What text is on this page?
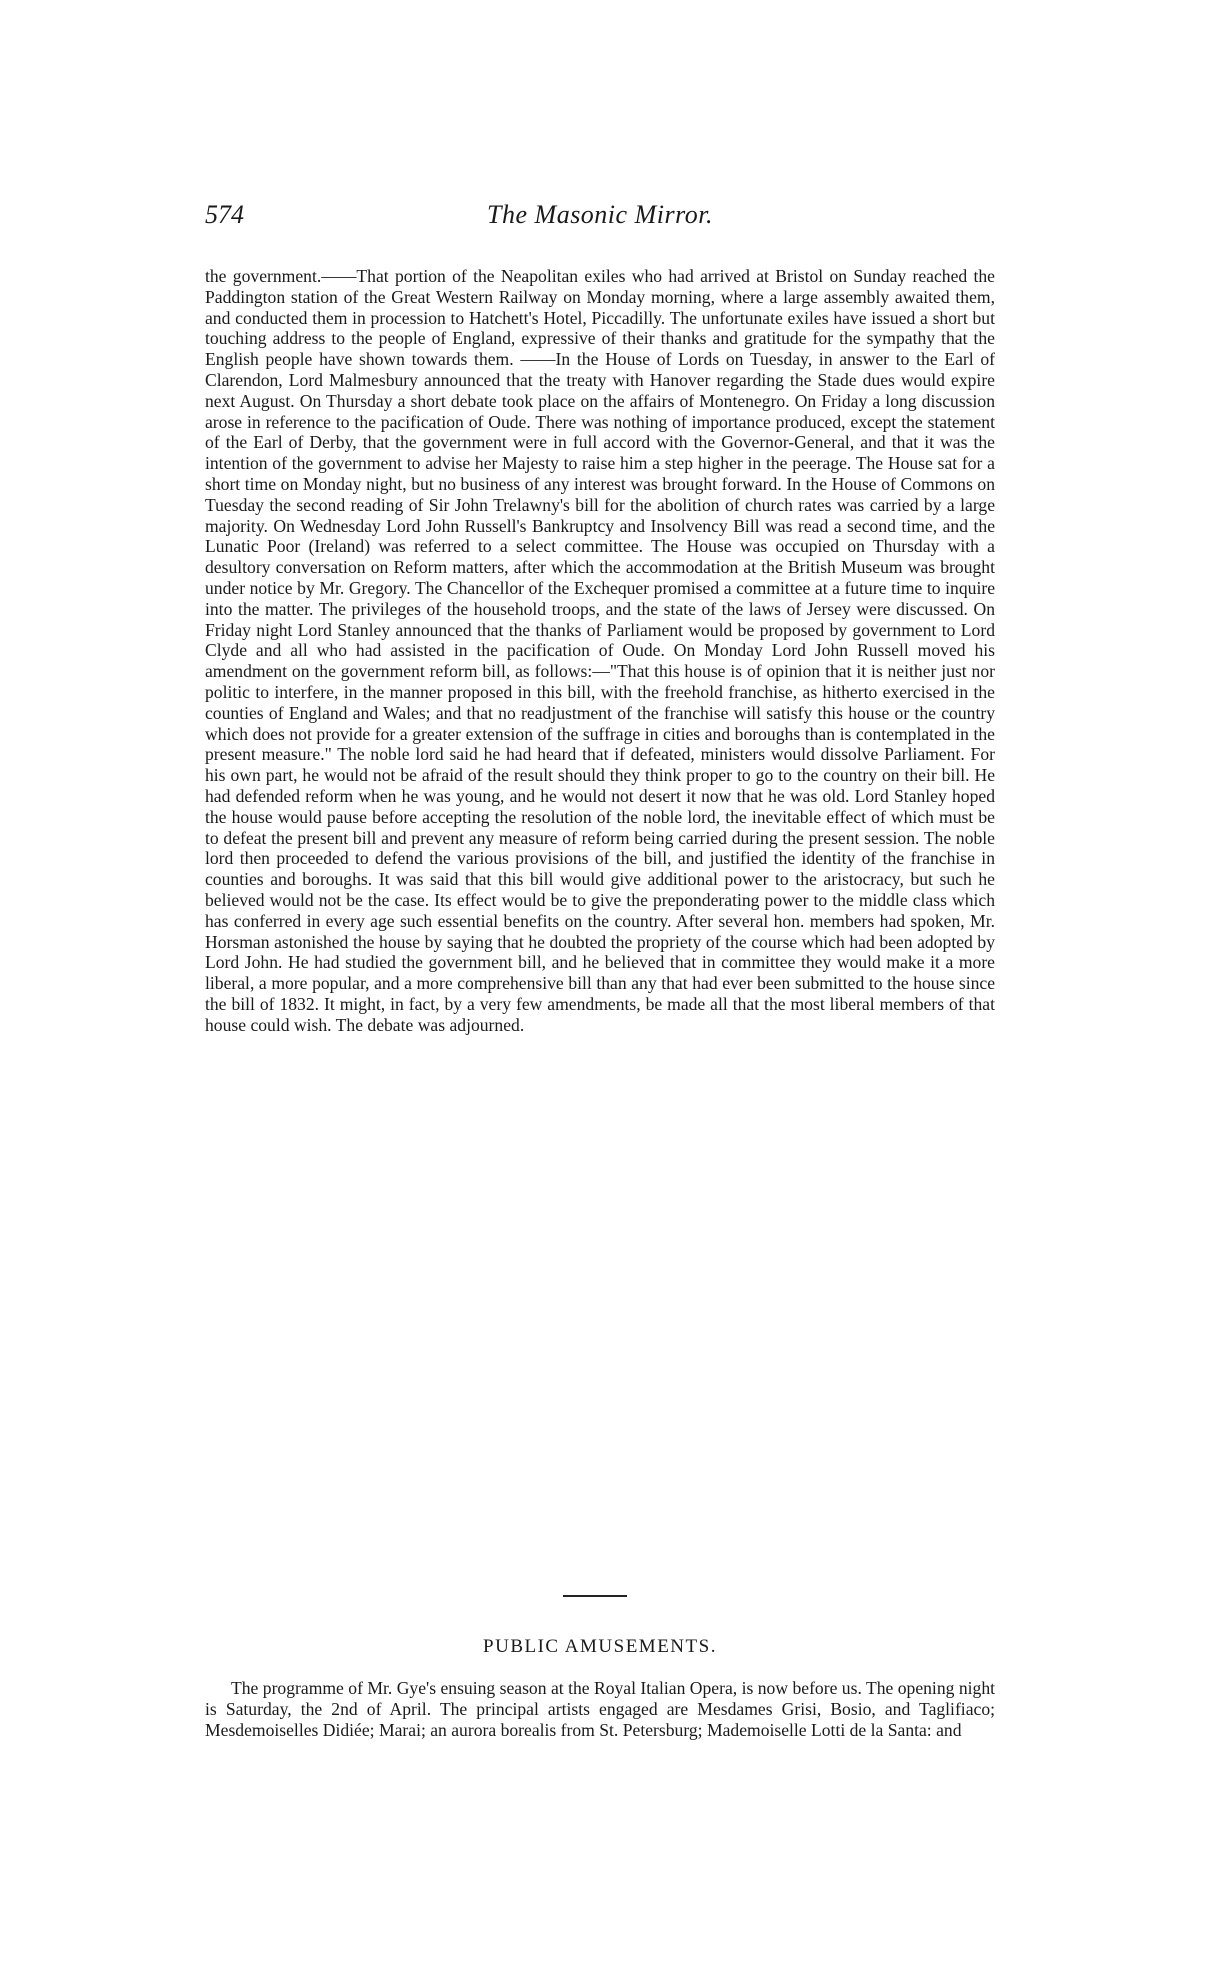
574	The Masonic Mirror.

the government.——That portion of the Neapolitan exiles who had arrived at Bristol on Sunday reached the Paddington station of the Great Western Railway on Monday morning, where a large assembly awaited them, and conducted them in procession to Hatchett's Hotel, Piccadilly. The unfortunate exiles have issued a short but touching address to the people of England, expressive of their thanks and gratitude for the sympathy that the English people have shown towards them. ——In the House of Lords on Tuesday, in answer to the Earl of Clarendon, Lord Malmesbury announced that the treaty with Hanover regarding the Stade dues would expire next August. On Thursday a short debate took place on the affairs of Montenegro. On Friday a long discussion arose in reference to the pacification of Oude. There was nothing of importance produced, except the statement of the Earl of Derby, that the government were in full accord with the Governor-General, and that it was the intention of the government to advise her Majesty to raise him a step higher in the peerage. The House sat for a short time on Monday night, but no business of any interest was brought forward. In the House of Commons on Tuesday the second reading of Sir John Trelawny's bill for the abolition of church rates was carried by a large majority. On Wednesday Lord John Russell's Bankruptcy and Insolvency Bill was read a second time, and the Lunatic Poor (Ireland) was referred to a select committee. The House was occupied on Thursday with a desultory conversation on Reform matters, after which the accommodation at the British Museum was brought under notice by Mr. Gregory. The Chancellor of the Exchequer promised a committee at a future time to inquire into the matter. The privileges of the household troops, and the state of the laws of Jersey were discussed. On Friday night Lord Stanley announced that the thanks of Parliament would be proposed by government to Lord Clyde and all who had assisted in the pacification of Oude. On Monday Lord John Russell moved his amendment on the government reform bill, as follows:—"That this house is of opinion that it is neither just nor politic to interfere, in the manner proposed in this bill, with the freehold franchise, as hitherto exercised in the counties of England and Wales; and that no readjustment of the franchise will satisfy this house or the country which does not provide for a greater extension of the suffrage in cities and boroughs than is contemplated in the present measure." The noble lord said he had heard that if defeated, ministers would dissolve Parliament. For his own part, he would not be afraid of the result should they think proper to go to the country on their bill. He had defended reform when he was young, and he would not desert it now that he was old. Lord Stanley hoped the house would pause before accepting the resolution of the noble lord, the inevitable effect of which must be to defeat the present bill and prevent any measure of reform being carried during the present session. The noble lord then proceeded to defend the various provisions of the bill, and justified the identity of the franchise in counties and boroughs. It was said that this bill would give additional power to the aristocracy, but such he believed would not be the case. Its effect would be to give the preponderating power to the middle class which has conferred in every age such essential benefits on the country. After several hon. members had spoken, Mr. Horsman astonished the house by saying that he doubted the propriety of the course which had been adopted by Lord John. He had studied the government bill, and he believed that in committee they would make it a more liberal, a more popular, and a more comprehensive bill than any that had ever been submitted to the house since the bill of 1832. It might, in fact, by a very few amendments, be made all that the most liberal members of that house could wish. The debate was adjourned.

PUBLIC AMUSEMENTS.

The programme of Mr. Gye's ensuing season at the Royal Italian Opera, is now before us. The opening night is Saturday, the 2nd of April. The principal artists engaged are Mesdames Grisi, Bosio, and Taglifiaco; Mesdemoiselles Didiée; Marai; an aurora borealis from St. Petersburg; Mademoiselle Lotti de la Santa: and
